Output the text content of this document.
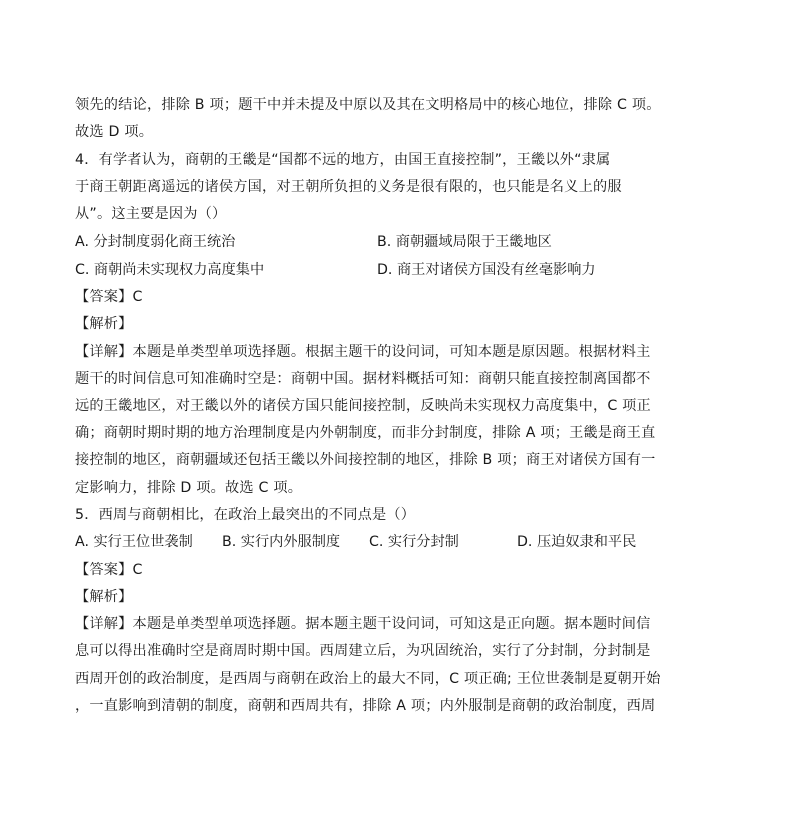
领先的结论，排除 B 项；题干中并未提及中原以及其在文明格局中的核心地位，排除 C 项。
故选 D 项。
4．有学者认为，商朝的王畿是“国都不远的地方，由国王直接控制”，王畿以外“隶属
于商王朝距离遥远的诸侯方国，对王朝所负担的义务是很有限的，也只能是名义上的服
从”。这主要是因为（）
A. 分封制度弱化商王统治	B. 商朝疆域局限于王畿地区
C. 商朝尚未实现权力高度集中	D. 商王对诸侯方国没有丝毫影响力
【答案】C
【解析】
【详解】本题是单类型单项选择题。根据主题干的设问词，可知本题是原因题。根据材料主
题干的时间信息可知准确时空是：商朝中国。据材料概括可知：商朝只能直接控制离国都不
远的王畿地区，对王畿以外的诸侯方国只能间接控制，反映尚未实现权力高度集中，C 项正
确；商朝时期时期的地方治理制度是内外朝制度，而非分封制度，排除 A 项；王畿是商王直
接控制的地区，商朝疆域还包括王畿以外间接控制的地区，排除 B 项；商王对诸侯方国有一
定影响力，排除 D 项。故选 C 项。
5．西周与商朝相比，在政治上最突出的不同点是（）
A. 实行王位世袭制 B. 实行内外服制度 C. 实行分封制	D. 压迫奴隶和平民
【答案】C
【解析】
【详解】本题是单类型单项选择题。据本题主题干设问词，可知这是正向题。据本题时间信
息可以得出准确时空是商周时期中国。西周建立后，为巩固统治，实行了分封制，分封制是
西周开创的政治制度，是西周与商朝在政治上的最大不同，C 项正确; 王位世袭制是夏朝开始
，一直影响到清朝的制度，商朝和西周共有，排除 A 项；内外服制是商朝的政治制度，西周
